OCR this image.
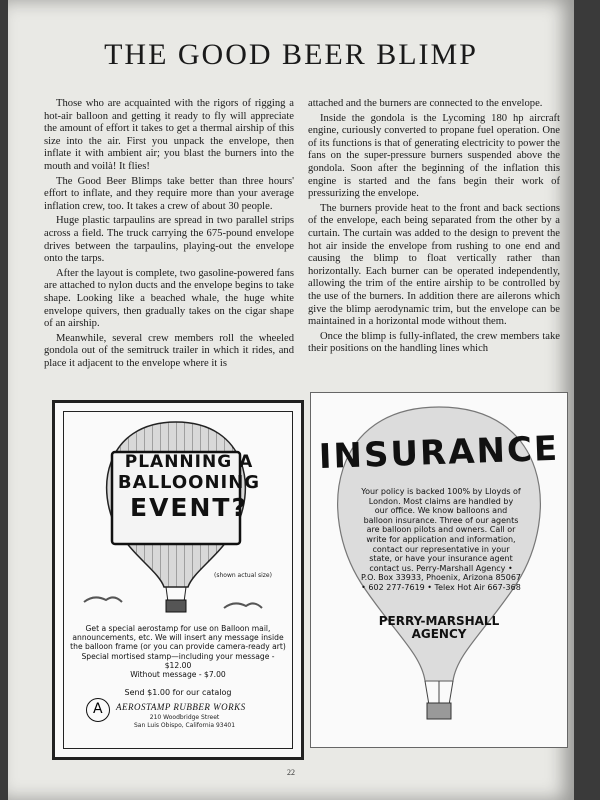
THE GOOD BEER BLIMP

Those who are acquainted with the rigors of rigging a hot-air balloon and getting it ready to fly will appreciate the amount of effort it takes to get a thermal airship of this size into the air. First you unpack the envelope, then inflate it with ambient air; you blast the burners into the mouth and voilà! It flies!

The Good Beer Blimps take better than three hours' effort to inflate, and they require more than your average inflation crew, too. It takes a crew of about 30 people.

Huge plastic tarpaulins are spread in two parallel strips across a field. The truck carrying the 675-pound envelope drives between the tarpaulins, playing-out the envelope onto the tarps.

After the layout is complete, two gasoline-powered fans are attached to nylon ducts and the envelope begins to take shape. Looking like a beached whale, the huge white envelope quivers, then gradually takes on the cigar shape of an airship.

Meanwhile, several crew members roll the wheeled gondola out of the semitruck trailer in which it rides, and place it adjacent to the envelope where it is

attached and the burners are connected to the envelope.

Inside the gondola is the Lycoming 180 hp aircraft engine, curiously converted to propane fuel operation. One of its functions is that of generating electricity to power the fans on the super-pressure burners suspended above the gondola. Soon after the beginning of the inflation this engine is started and the fans begin their work of pressurizing the envelope.

The burners provide heat to the front and back sections of the envelope, each being separated from the other by a curtain. The curtain was added to the design to prevent the hot air inside the envelope from rushing to one end and causing the blimp to float vertically rather than horizontally. Each burner can be operated independently, allowing the trim of the entire airship to be controlled by the use of the burners. In addition there are ailerons which give the blimp aerodynamic trim, but the envelope can be maintained in a horizontal mode without them.

Once the blimp is fully-inflated, the crew members take their positions on the handling lines which

PLANNING A
BALLOONING
EVENT?
(shown actual size)
Get a special aerostamp for use on Balloon mail, announcements, etc. We will insert any message inside the balloon frame (or you can provide camera-ready art) Special mortised stamp—including your message - $12.00
Without message - $7.00
Send $1.00 for our catalog
A AEROSTAMP RUBBER WORKS
210 Woodbridge Street
San Luis Obispo, California 93401
INSURANCE
Your policy is backed 100% by Lloyds of London. Most claims are handled by our office. We know balloons and balloon insurance. Three of our agents are balloon pilots and owners. Call or write for application and information, contact our representative in your state, or have your insurance agent contact us. Perry-Marshall Agency • P.O. Box 33933, Phoenix, Arizona 85067 • 602 277-7619 • Telex Hot Air 667-368
PERRY-MARSHALL
AGENCY
22
